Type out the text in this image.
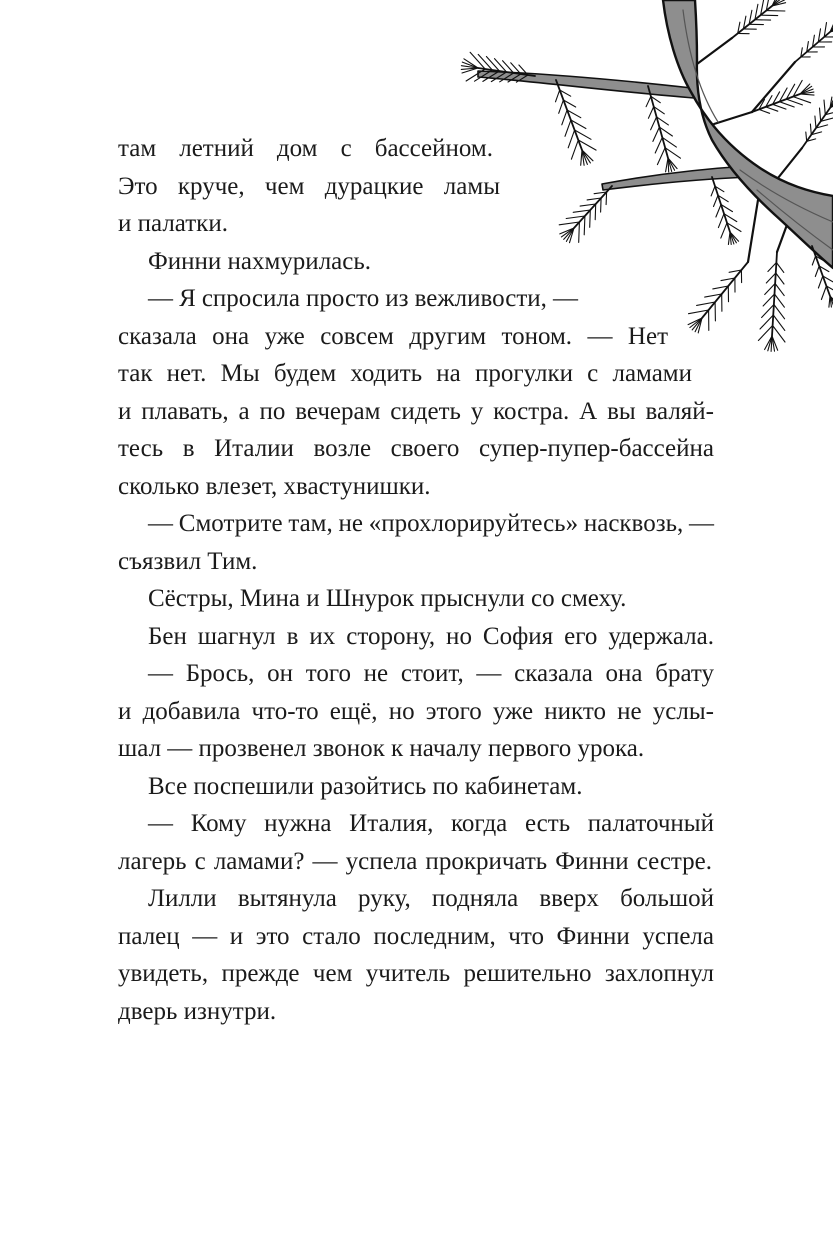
там летний дом с бассейном.
Это круче, чем дурацкие ламы
и палатки.
Финни нахмурилась.
— Я спросила просто из вежливости, —
сказала она уже совсем другим тоном. — Нет
так нет. Мы будем ходить на прогулки с ламами
и плавать, а по вечерам сидеть у костра. А вы валяй-
тесь в Италии возле своего супер-пупер-бассейна
сколько влезет, хвастунишки.
— Смотрите там, не «прохлорируйтесь» насквозь, —
съязвил Тим.
Сёстры, Мина и Шнурок прыснули со смеху.
Бен шагнул в их сторону, но София его удержала.
— Брось, он того не стоит, — сказала она брату
и добавила что-то ещё, но этого уже никто не услы-
шал — прозвенел звонок к началу первого урока.
Все поспешили разойтись по кабинетам.
— Кому нужна Италия, когда есть палаточный
лагерь с ламами? — успела прокричать Финни сестре.
Лилли вытянула руку, подняла вверх большой
палец — и это стало последним, что Финни успела
увидеть, прежде чем учитель решительно захлопнул
дверь изнутри.
